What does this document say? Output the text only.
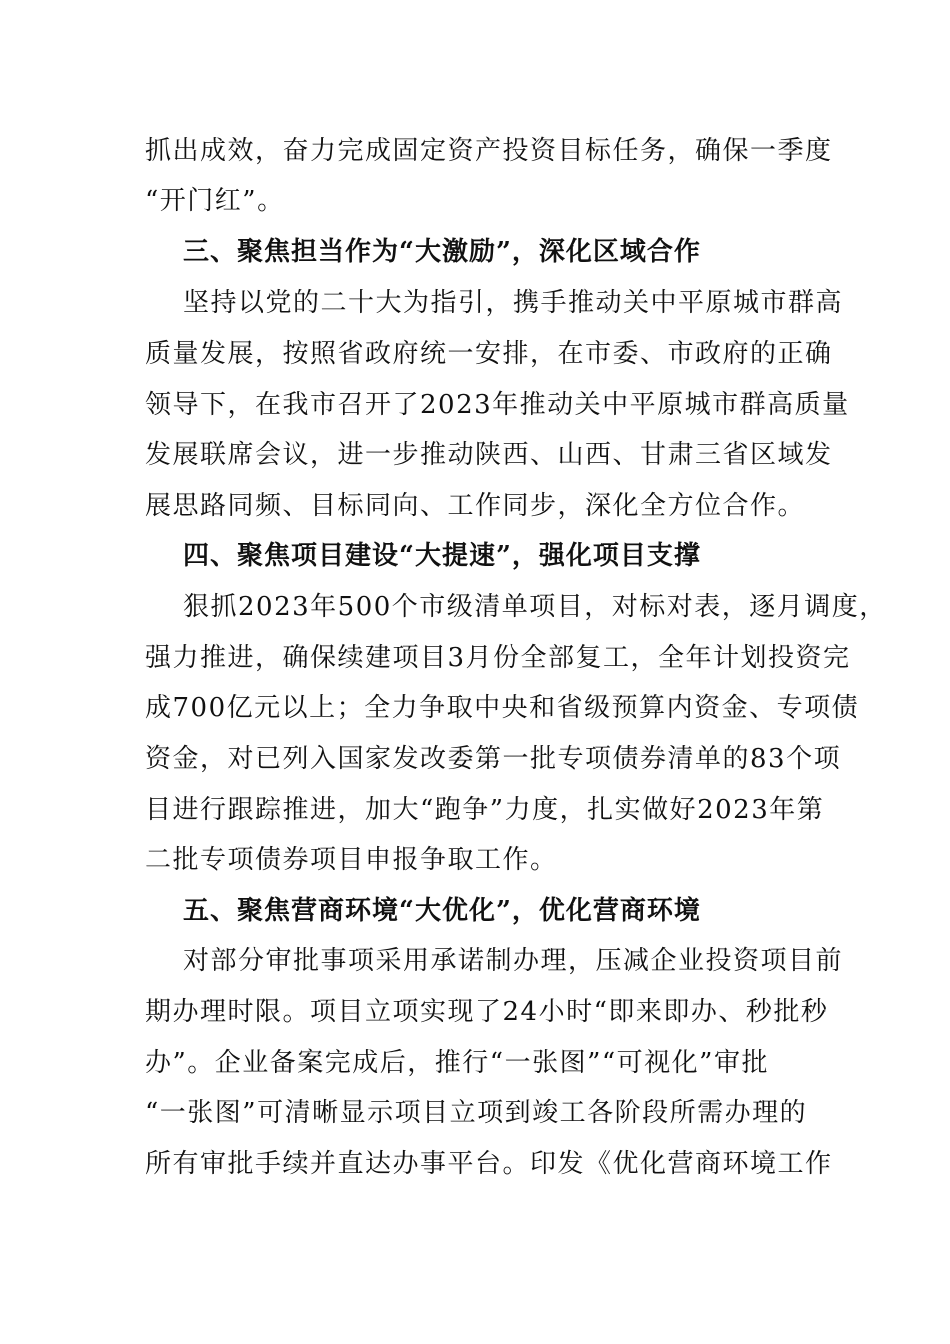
抓出成效，奋力完成固定资产投资目标任务，确保一季度
“开门红”。
三、聚焦担当作为“大激励”，深化区域合作
坚持以党的二十大为指引，携手推动关中平原城市群高
质量发展，按照省政府统一安排，在市委、市政府的正确
领导下，在我市召开了2023年推动关中平原城市群高质量
发展联席会议，进一步推动陕西、山西、甘肃三省区域发
展思路同频、目标同向、工作同步，深化全方位合作。
四、聚焦项目建设“大提速”，强化项目支撑
狠抓2023年500个市级清单项目，对标对表，逐月调度，
强力推进，确保续建项目3月份全部复工，全年计划投资完
成700亿元以上；全力争取中央和省级预算内资金、专项债
资金，对已列入国家发改委第一批专项债券清单的83个项
目进行跟踪推进，加大“跑争”力度，扎实做好2023年第
二批专项债券项目申报争取工作。
五、聚焦营商环境“大优化”，优化营商环境
对部分审批事项采用承诺制办理，压减企业投资项目前
期办理时限。项目立项实现了24小时“即来即办、秒批秒
办”。企业备案完成后，推行“一张图”“可视化”审批
“一张图”可清晰显示项目立项到竣工各阶段所需办理的
所有审批手续并直达办事平台。印发《优化营商环境工作
